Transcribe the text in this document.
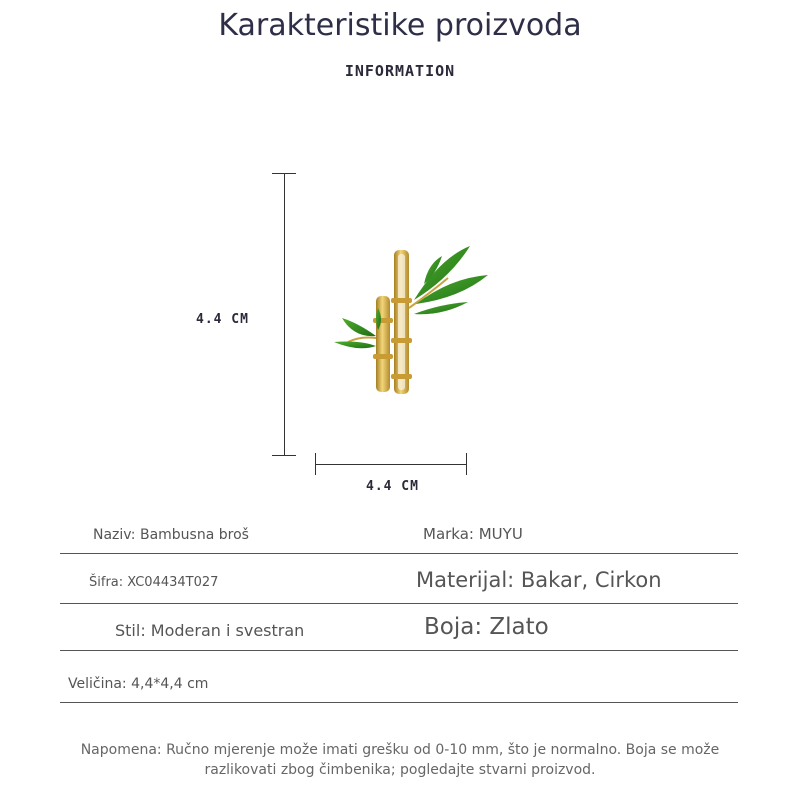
Karakteristike proizvoda
INFORMATION
4.4 CM
4.4 CM
Naziv: Bambusna broš	Marka: MUYU
Šifra: XC04434T027	Materijal: Bakar, Cirkon
Stil: Moderan i svestran	Boja: Zlato
Veličina: 4,4*4,4 cm
Napomena: Ručno mjerenje može imati grešku od 0-10 mm, što je normalno. Boja se može
razlikovati zbog čimbenika; pogledajte stvarni proizvod.
